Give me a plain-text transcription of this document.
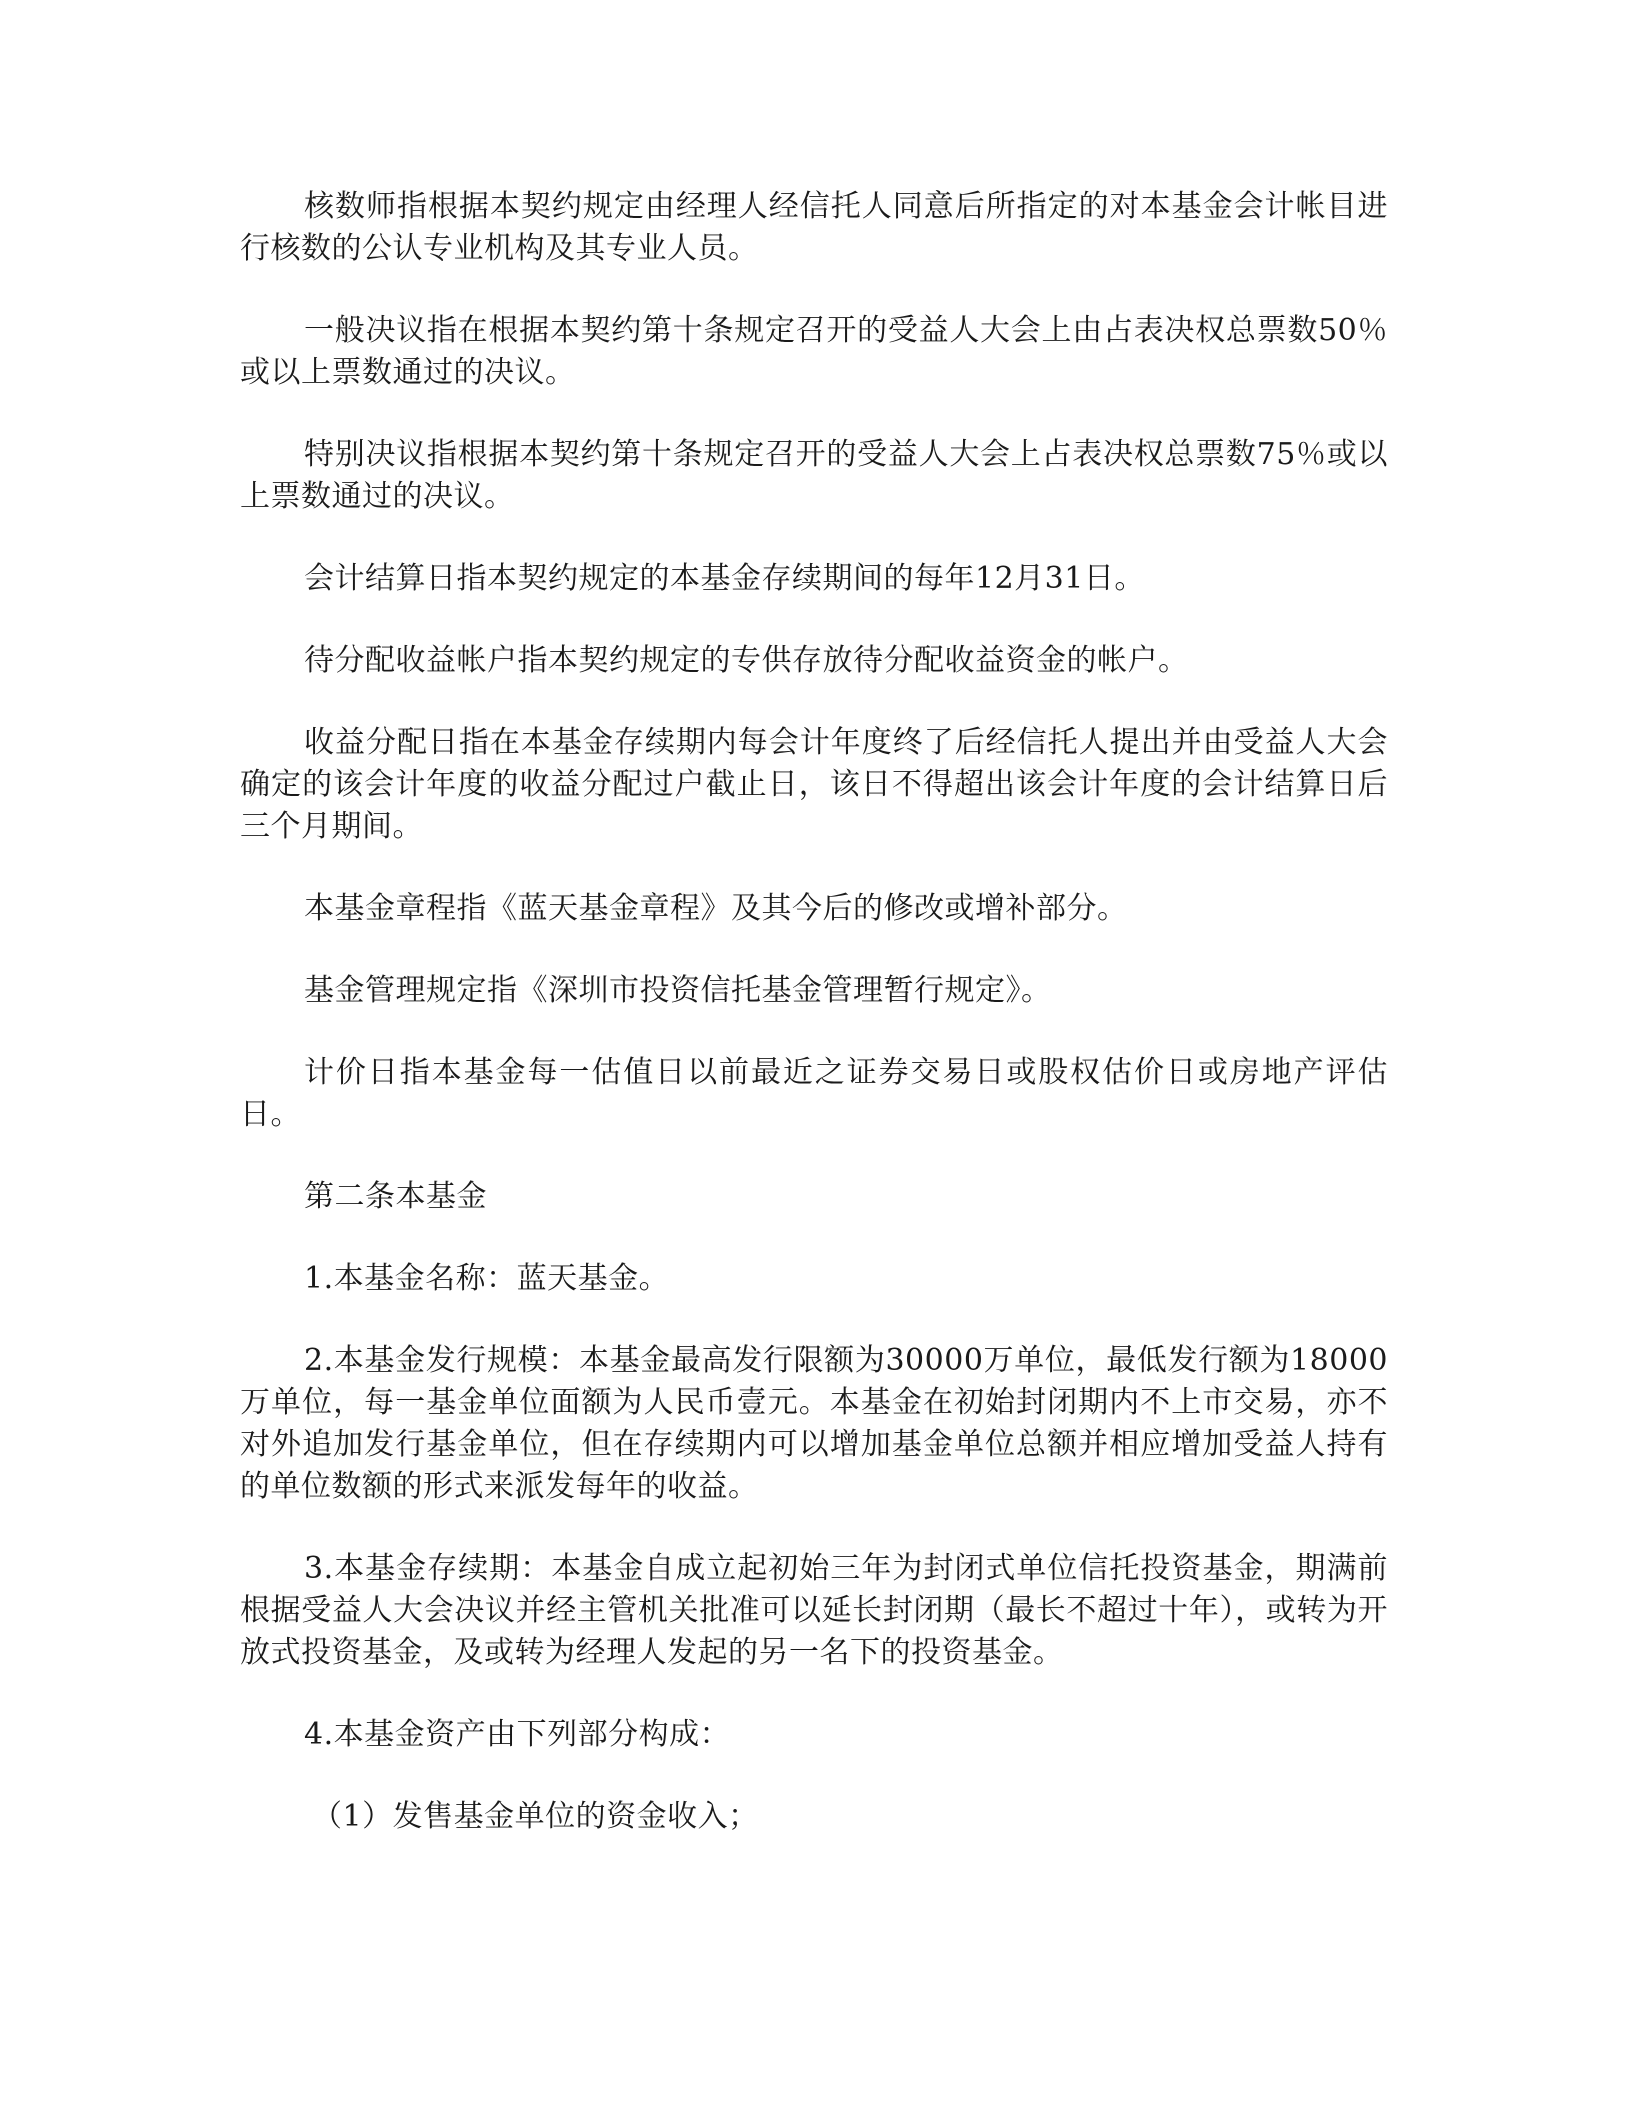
核数师指根据本契约规定由经理人经信托人同意后所指定的对本基金会计帐目进行核数的公认专业机构及其专业人员。

一般决议指在根据本契约第十条规定召开的受益人大会上由占表决权总票数50％或以上票数通过的决议。

特别决议指根据本契约第十条规定召开的受益人大会上占表决权总票数75％或以上票数通过的决议。

会计结算日指本契约规定的本基金存续期间的每年12月31日。

待分配收益帐户指本契约规定的专供存放待分配收益资金的帐户。

收益分配日指在本基金存续期内每会计年度终了后经信托人提出并由受益人大会确定的该会计年度的收益分配过户截止日，该日不得超出该会计年度的会计结算日后三个月期间。

本基金章程指《蓝天基金章程》及其今后的修改或增补部分。

基金管理规定指《深圳市投资信托基金管理暂行规定》。

计价日指本基金每一估值日以前最近之证券交易日或股权估价日或房地产评估日。

第二条本基金

1.本基金名称：蓝天基金。

2.本基金发行规模：本基金最高发行限额为30000万单位，最低发行额为18000万单位，每一基金单位面额为人民币壹元。本基金在初始封闭期内不上市交易，亦不对外追加发行基金单位，但在存续期内可以增加基金单位总额并相应增加受益人持有的单位数额的形式来派发每年的收益。

3.本基金存续期：本基金自成立起初始三年为封闭式单位信托投资基金，期满前根据受益人大会决议并经主管机关批准可以延长封闭期（最长不超过十年），或转为开放式投资基金，及或转为经理人发起的另一名下的投资基金。

4.本基金资产由下列部分构成：

（1）发售基金单位的资金收入；
